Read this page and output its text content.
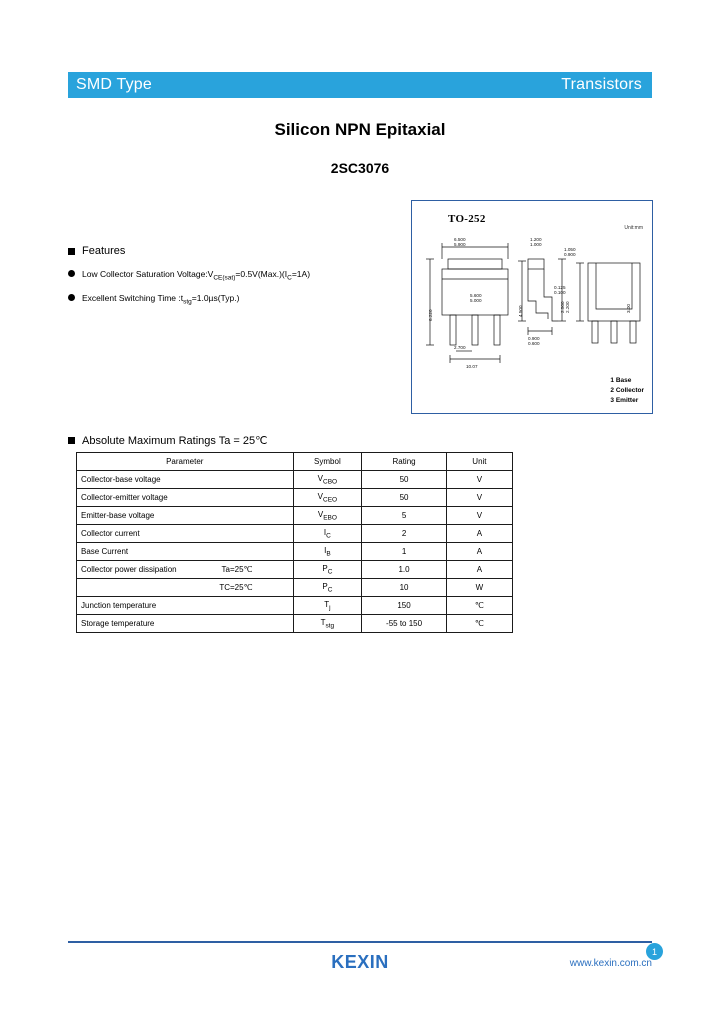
SMD Type	Transistors
Silicon NPN Epitaxial
2SC3076
Features
Low Collector Saturation $Voltage:V_{CE(sat)}=0.5V(Max.)(I_C=1A)$
Excellent Switching Time $:t_{stg}=1.0\mu s(Typ.)$
TO-252
Unit:mm
6.500
5.900
1.200
1.000
1.050
0.900
6.220
5.600
5.000
0.125
0.100
4.500
2.700
10.07
0.900
0.600
2.500
2.200	3.00
1 Base
2 Collector
3 Emitter
Absolute Maximum Ratings Ta = 25℃
Parameter	Symbol	Rating	Unit
Collector-base voltage	$V_{CBO}$	50	V
Collector-emitter voltage	$V_{CEO}$	50	V
Emitter-base voltage	$V_{EBO}$	5	V
Collector current	$I_C$	2	A
Base Current	$I_B$	1	A

Collector power dissipation Ta=25℃	$P_C$	1.0	A

TC=25℃	$P_C$	10	W
Junction temperature	$T_j$	150	℃
Storage temperature	$T_{stg}$	-55 to 150	℃
KEXIN	www.kexin.com.cn
1
